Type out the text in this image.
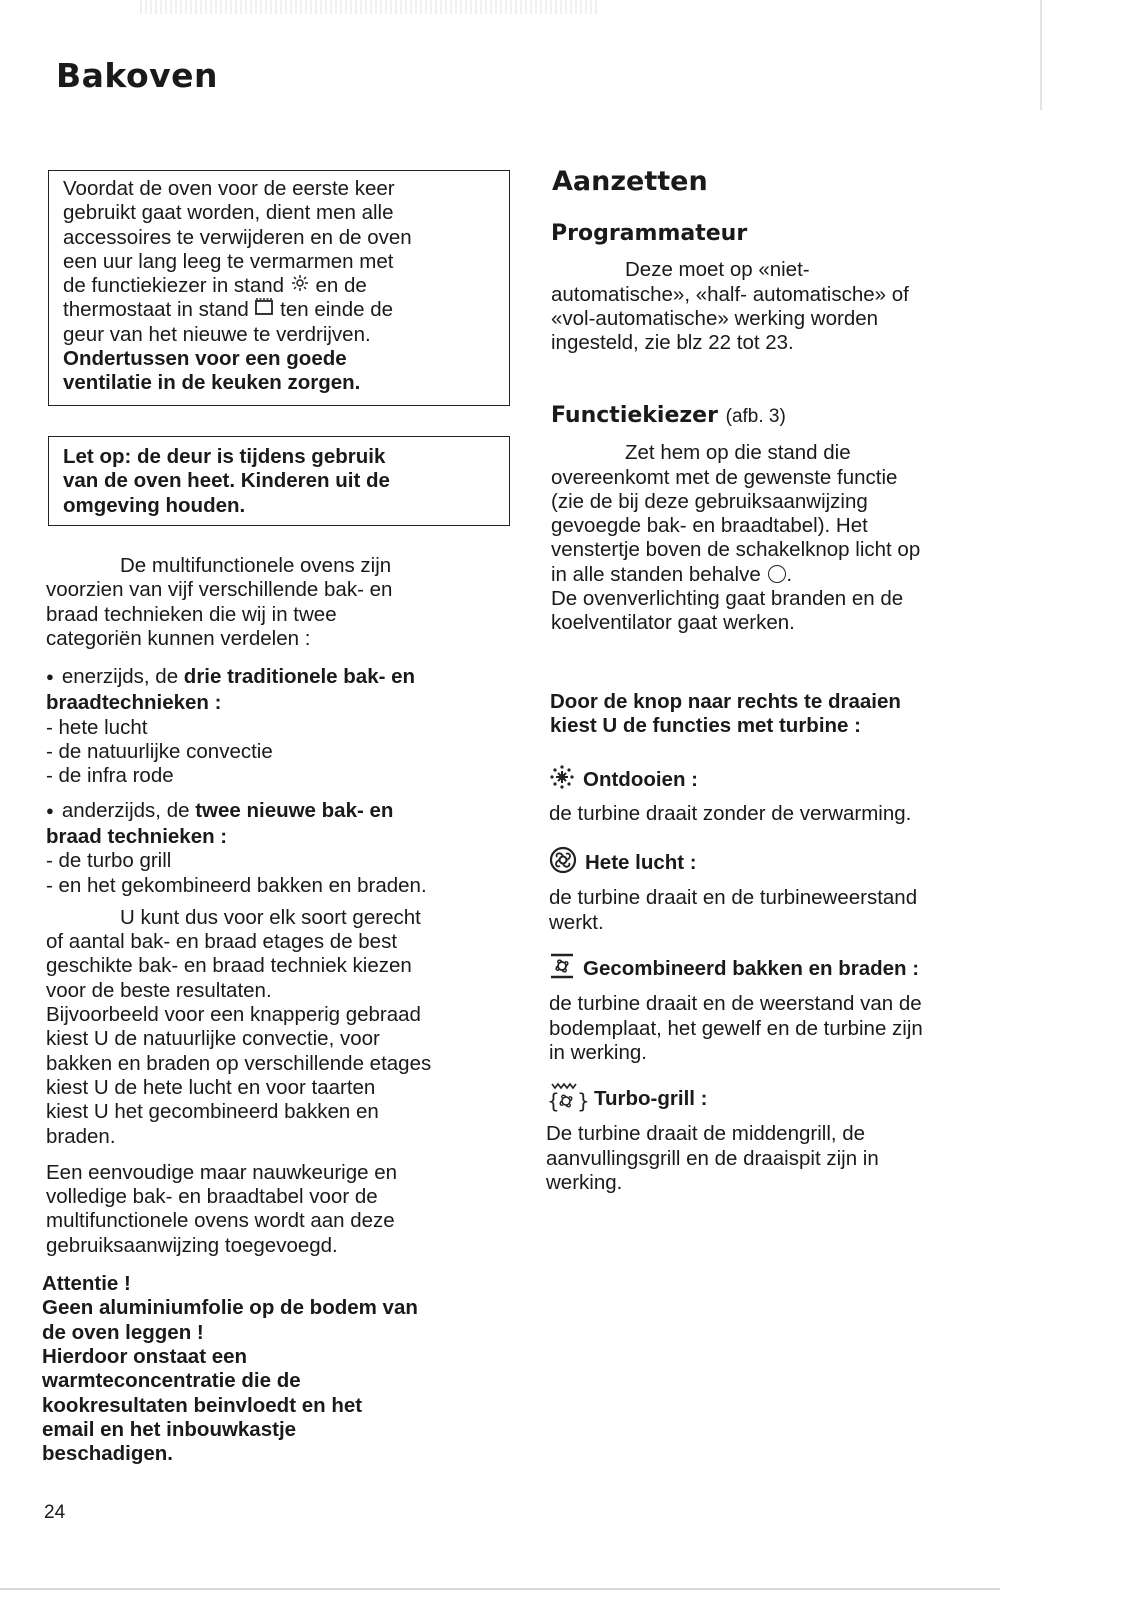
Bakoven

Voordat de oven voor de eerste keer

gebruikt gaat worden, dient men alle

accessoires te verwijderen en de oven

een uur lang leeg te vermarmen met

de functiekiezer in stand  en de

thermostaat in stand  ten einde de

geur van het nieuwe te verdrijven.

Ondertussen voor een goede

ventilatie in de keuken zorgen.

Let op: de deur is tijdens gebruik

van de oven heet. Kinderen uit de

omgeving houden.

De multifunctionele ovens zijn

voorzien van vijf verschillende bak- en

braad technieken die wij in twee

categoriën kunnen verdelen :

● enerzijds, de drie traditionele bak- en

braadtechnieken :

- hete lucht

- de natuurlijke convectie

- de infra rode

● anderzijds, de twee nieuwe bak- en

braad technieken :

- de turbo grill

- en het gekombineerd bakken en braden.

U kunt dus voor elk soort gerecht

of aantal bak- en braad etages de best

geschikte bak- en braad techniek kiezen

voor de beste resultaten.

Bijvoorbeeld voor een knapperig gebraad

kiest U de natuurlijke convectie, voor

bakken en braden op verschillende etages

kiest U de hete lucht en voor taarten

kiest U het gecombineerd bakken en

braden.

Een eenvoudige maar nauwkeurige en

volledige bak- en braadtabel voor de

multifunctionele ovens wordt aan deze

gebruiksaanwijzing toegevoegd.

Attentie !

Geen aluminiumfolie op de bodem van

de oven leggen !

Hierdoor onstaat een

warmteconcentratie die de

kookresultaten beinvloedt en het

email en het inbouwkastje

beschadigen.

Aanzetten

Programmateur

Deze moet op «niet-

automatische», «half- automatische» of

«vol-automatische» werking worden

ingesteld, zie blz 22 tot 23.

Functiekiezer (afb. 3)

Zet hem op die stand die

overeenkomt met de gewenste functie

(zie de bij deze gebruiksaanwijzing

gevoegde bak- en braadtabel). Het

venstertje boven de schakelknop licht op

in alle standen behalve .

De ovenverlichting gaat branden en de

koelventilator gaat werken.

Door de knop naar rechts te draaien

kiest U de functies met turbine :

Ontdooien :

de turbine draait zonder de verwarming.

Hete lucht :

de turbine draait en de turbineweerstand

werkt.

Gecombineerd bakken en braden :

de turbine draait en de weerstand van de

bodemplaat, het gewelf en de turbine zijn

in werking.

{ } Turbo-grill :

De turbine draait de middengrill, de

aanvullingsgrill en de draaispit zijn in

werking.

24
